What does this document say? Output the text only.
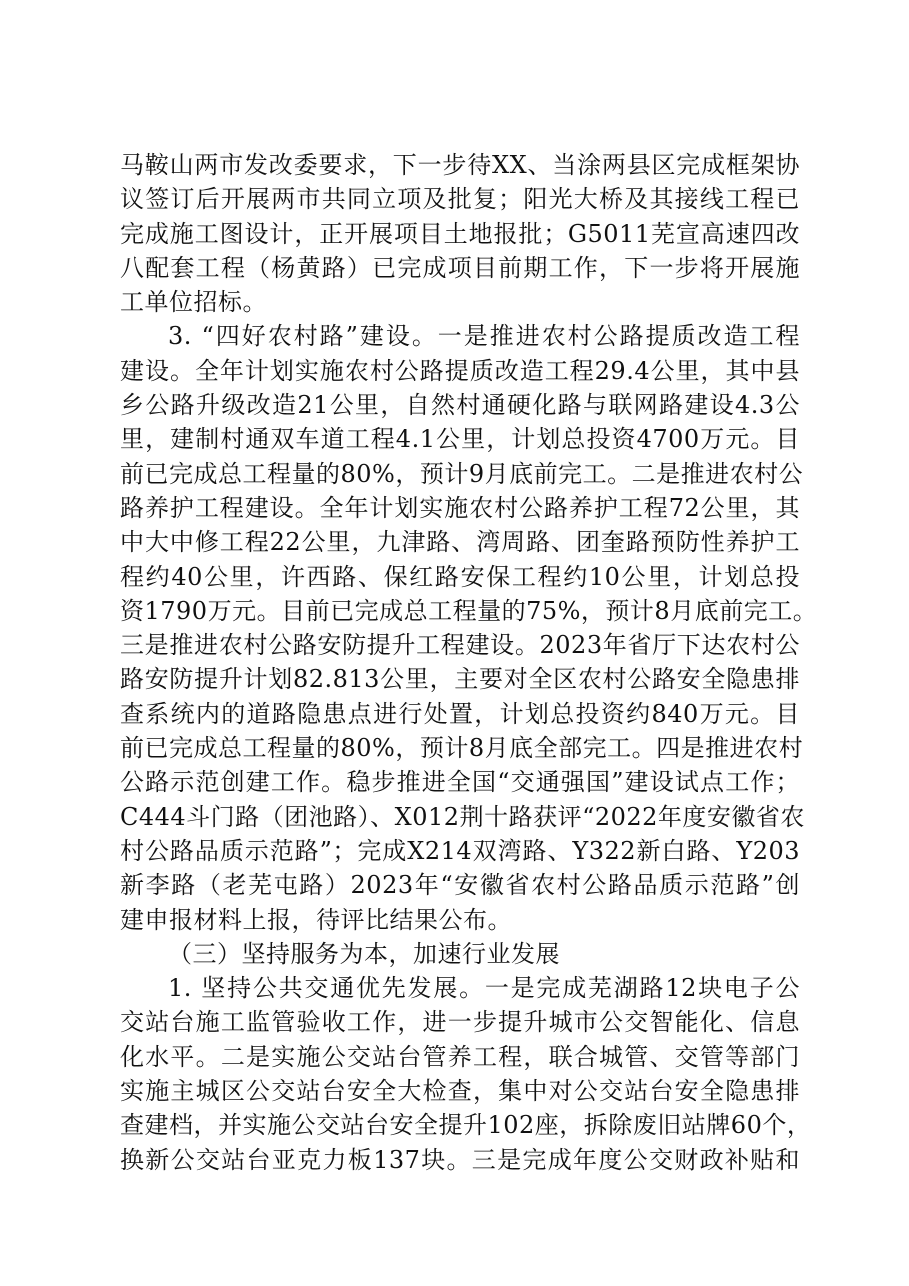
马鞍山两市发改委要求，下一步待XX、当涂两县区完成框架协
议签订后开展两市共同立项及批复；阳光大桥及其接线工程已
完成施工图设计，正开展项目土地报批；G5011芜宣高速四改
八配套工程（杨黄路）已完成项目前期工作，下一步将开展施
工单位招标。
3. “四好农村路”建设。一是推进农村公路提质改造工程
建设。全年计划实施农村公路提质改造工程29.4公里，其中县
乡公路升级改造21公里，自然村通硬化路与联网路建设4.3公
里，建制村通双车道工程4.1公里，计划总投资4700万元。目
前已完成总工程量的80%，预计9月底前完工。二是推进农村公
路养护工程建设。全年计划实施农村公路养护工程72公里，其
中大中修工程22公里，九津路、湾周路、团奎路预防性养护工
程约40公里，许西路、保红路安保工程约10公里，计划总投
资1790万元。目前已完成总工程量的75%，预计8月底前完工。
三是推进农村公路安防提升工程建设。2023年省厅下达农村公
路安防提升计划82.813公里，主要对全区农村公路安全隐患排
查系统内的道路隐患点进行处置，计划总投资约840万元。目
前已完成总工程量的80%，预计8月底全部完工。四是推进农村
公路示范创建工作。稳步推进全国“交通强国”建设试点工作；
C444斗门路（团池路）、X012荆十路获评“2022年度安徽省农
村公路品质示范路”；完成X214双湾路、Y322新白路、Y203
新李路（老芜屯路）2023年“安徽省农村公路品质示范路”创
建申报材料上报，待评比结果公布。
（三）坚持服务为本，加速行业发展
1. 坚持公共交通优先发展。一是完成芜湖路12块电子公
交站台施工监管验收工作，进一步提升城市公交智能化、信息
化水平。二是实施公交站台管养工程，联合城管、交管等部门
实施主城区公交站台安全大检查，集中对公交站台安全隐患排
查建档，并实施公交站台安全提升102座，拆除废旧站牌60个，
换新公交站台亚克力板137块。三是完成年度公交财政补贴和
